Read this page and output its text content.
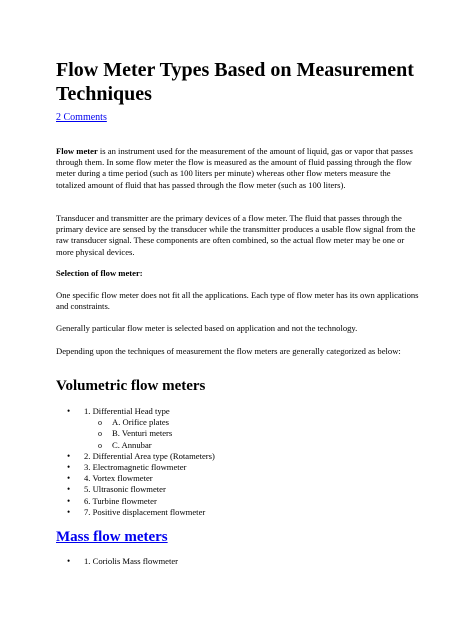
Flow Meter Types Based on Measurement Techniques
2 Comments

Flow meter is an instrument used for the measurement of the amount of liquid, gas or vapor that passes through them. In some flow meter the flow is measured as the amount of fluid passing through the flow meter during a time period (such as 100 liters per minute) whereas other flow meters measure the totalized amount of fluid that has passed through the flow meter (such as 100 liters).

Transducer and transmitter are the primary devices of a flow meter. The fluid that passes through the primary device are sensed by the transducer while the transmitter produces a usable flow signal from the raw transducer signal. These components are often combined, so the actual flow meter may be one or more physical devices.

Selection of flow meter:

One specific flow meter does not fit all the applications. Each type of flow meter has its own applications and constraints.

Generally particular flow meter is selected based on application and not the technology.

Depending upon the techniques of measurement the flow meters are generally categorized as below:

Volumetric flow meters
• 1. Differential Head type
o A. Orifice plates
o B. Venturi meters
o C. Annubar
• 2. Differential Area type (Rotameters)
• 3. Electromagnetic flowmeter
• 4. Vortex flowmeter
• 5. Ultrasonic flowmeter
• 6. Turbine flowmeter
• 7. Positive displacement flowmeter
Mass flow meters
• 1. Coriolis Mass flowmeter
